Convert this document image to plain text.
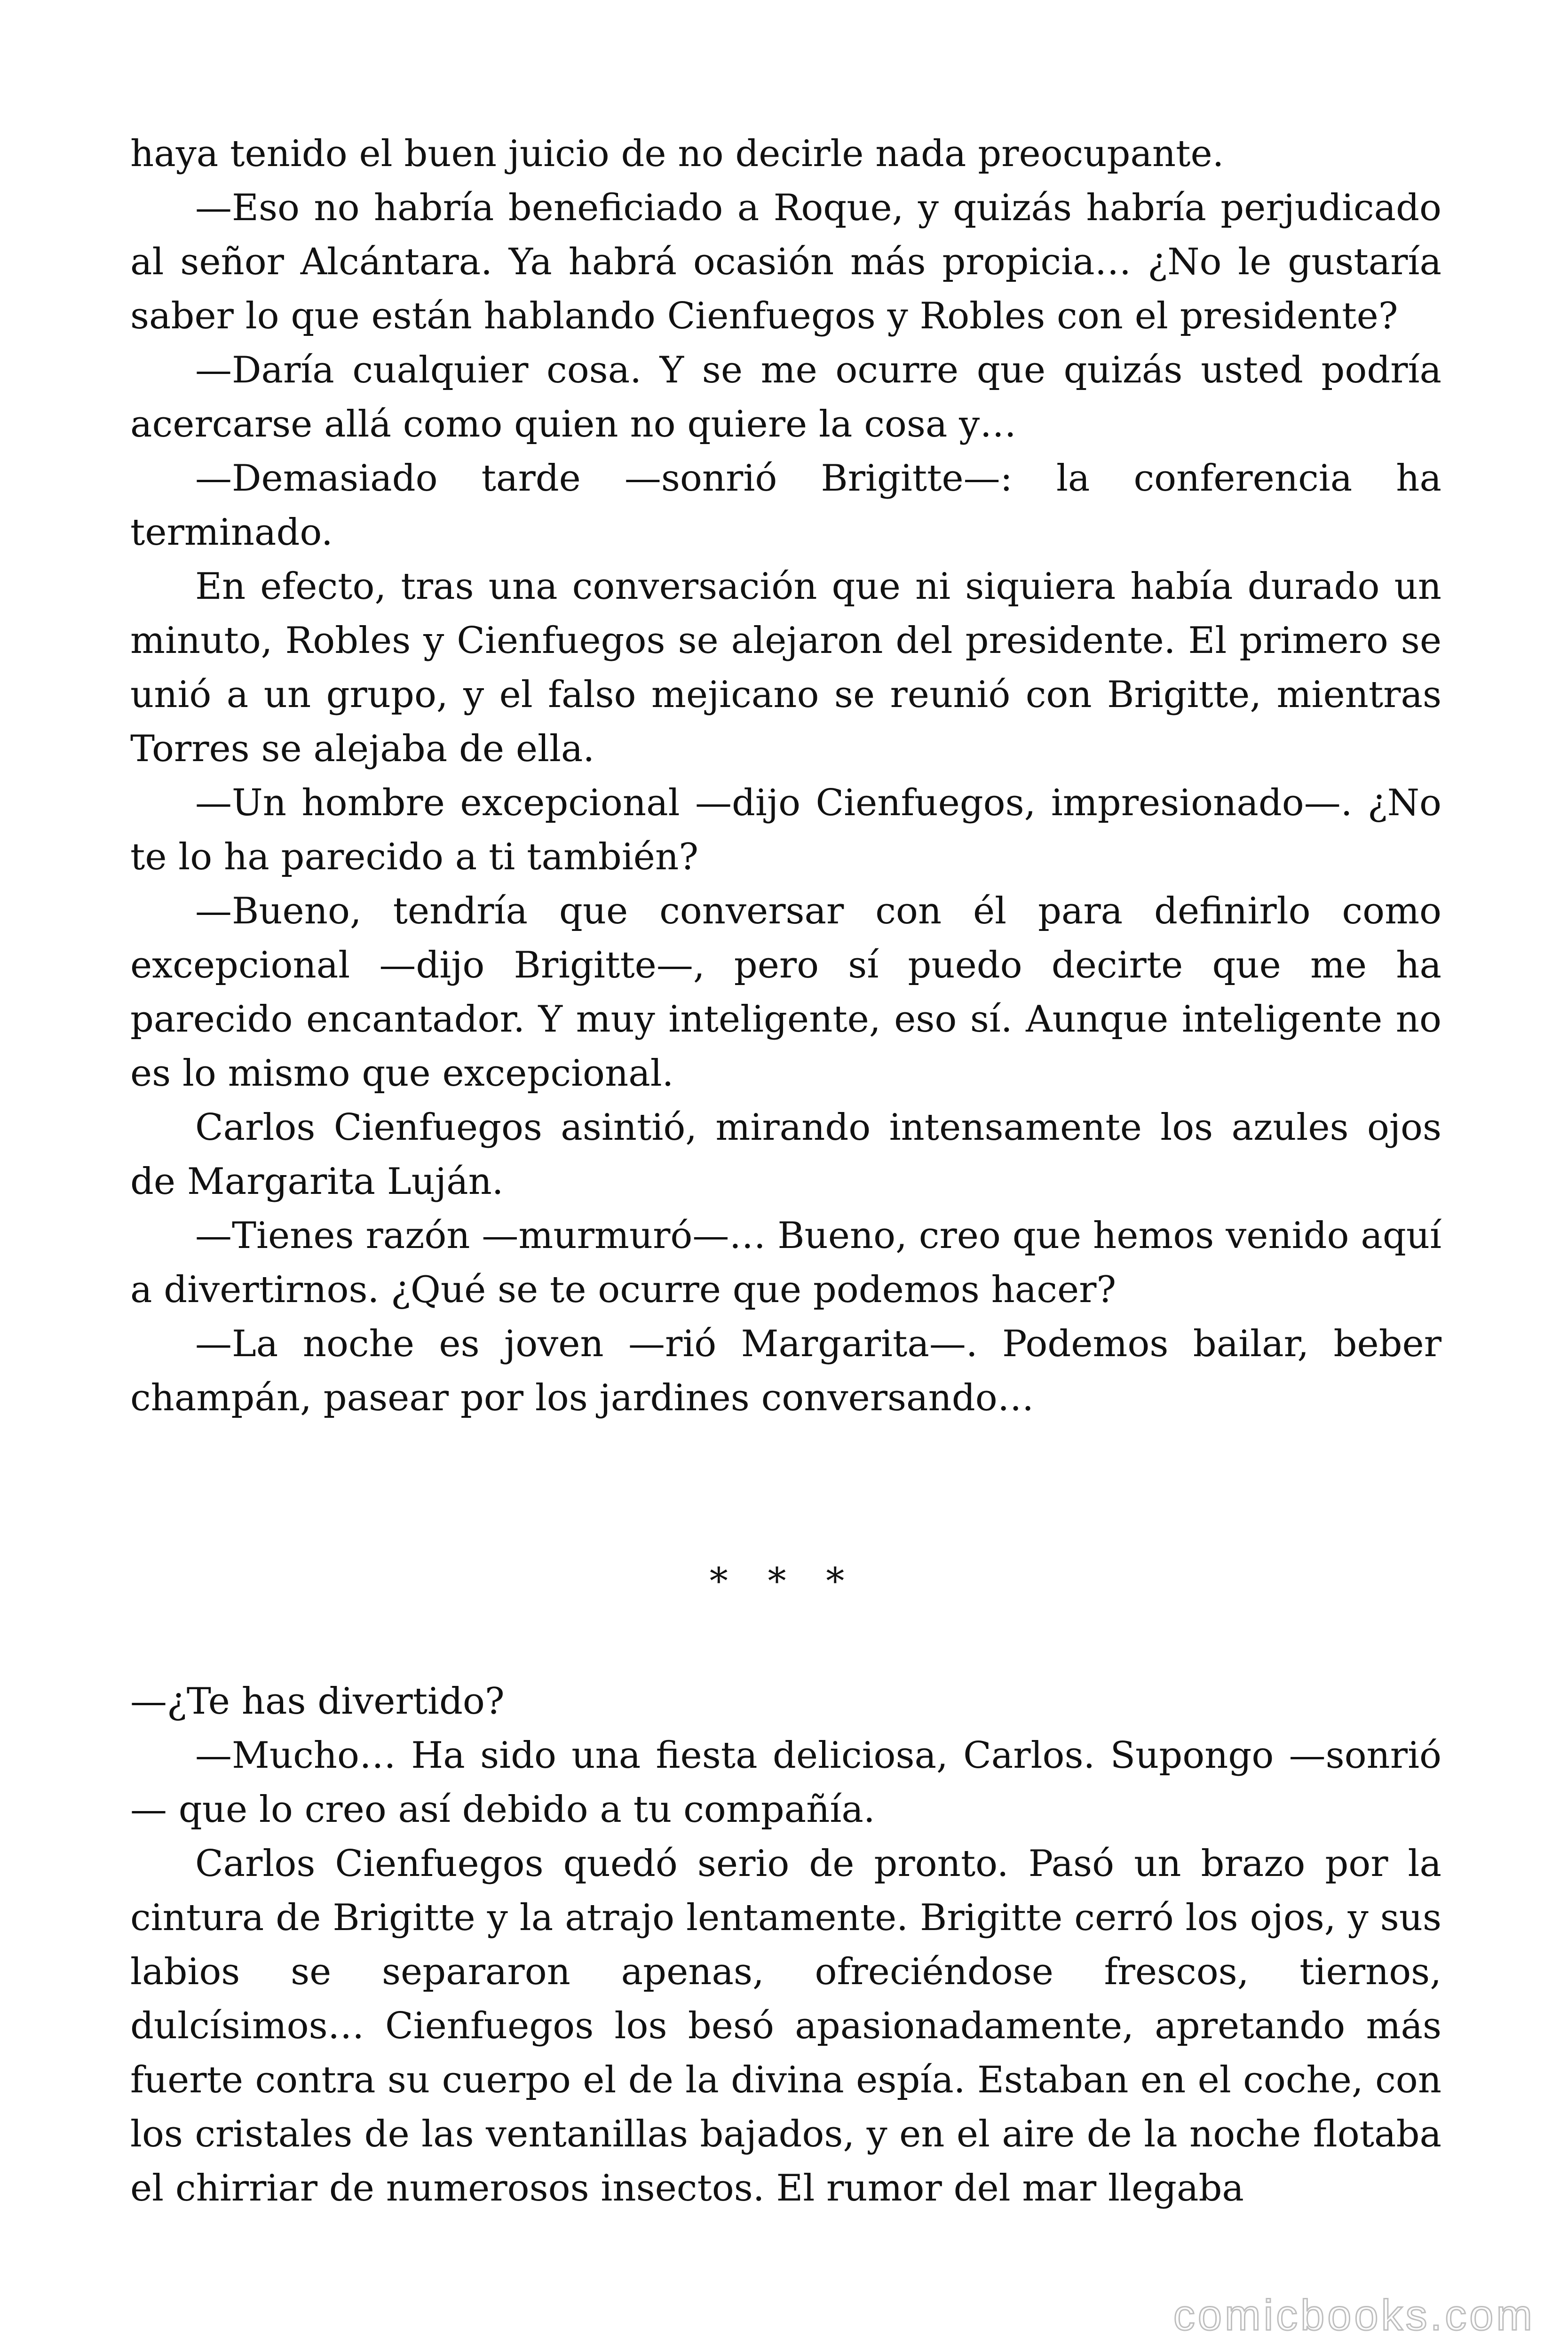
haya tenido el buen juicio de no decirle nada preocupante.

—Eso no habría beneficiado a Roque, y quizás habría perjudicado al señor Alcántara. Ya habrá ocasión más propicia… ¿No le gustaría saber lo que están hablando Cienfuegos y Robles con el presidente?

—Daría cualquier cosa. Y se me ocurre que quizás usted podría acercarse allá como quien no quiere la cosa y…

—Demasiado tarde —sonrió Brigitte—: la conferencia ha terminado.

En efecto, tras una conversación que ni siquiera había durado un minuto, Robles y Cienfuegos se alejaron del presidente. El primero se unió a un grupo, y el falso mejicano se reunió con Brigitte, mientras Torres se alejaba de ella.

—Un hombre excepcional —dijo Cienfuegos, impresionado—. ¿No te lo ha parecido a ti también?

—Bueno, tendría que conversar con él para definirlo como excepcional —dijo Brigitte—, pero sí puedo decirte que me ha parecido encantador. Y muy inteligente, eso sí. Aunque inteligente no es lo mismo que excepcional.

Carlos Cienfuegos asintió, mirando intensamente los azules ojos de Margarita Luján.

—Tienes razón —murmuró—… Bueno, creo que hemos venido aquí a divertirnos. ¿Qué se te ocurre que podemos hacer?

—La noche es joven —rió Margarita—. Podemos bailar, beber champán, pasear por los jardines conversando…

* * *

—¿Te has divertido?

—Mucho… Ha sido una fiesta deliciosa, Carlos. Supongo —sonrió— que lo creo así debido a tu compañía.

Carlos Cienfuegos quedó serio de pronto. Pasó un brazo por la cintura de Brigitte y la atrajo lentamente. Brigitte cerró los ojos, y sus labios se separaron apenas, ofreciéndose frescos, tiernos, dulcísimos… Cienfuegos los besó apasionadamente, apretando más fuerte contra su cuerpo el de la divina espía. Estaban en el coche, con los cristales de las ventanillas bajados, y en el aire de la noche flotaba el chirriar de numerosos insectos. El rumor del mar llegaba

comicbooks.com
